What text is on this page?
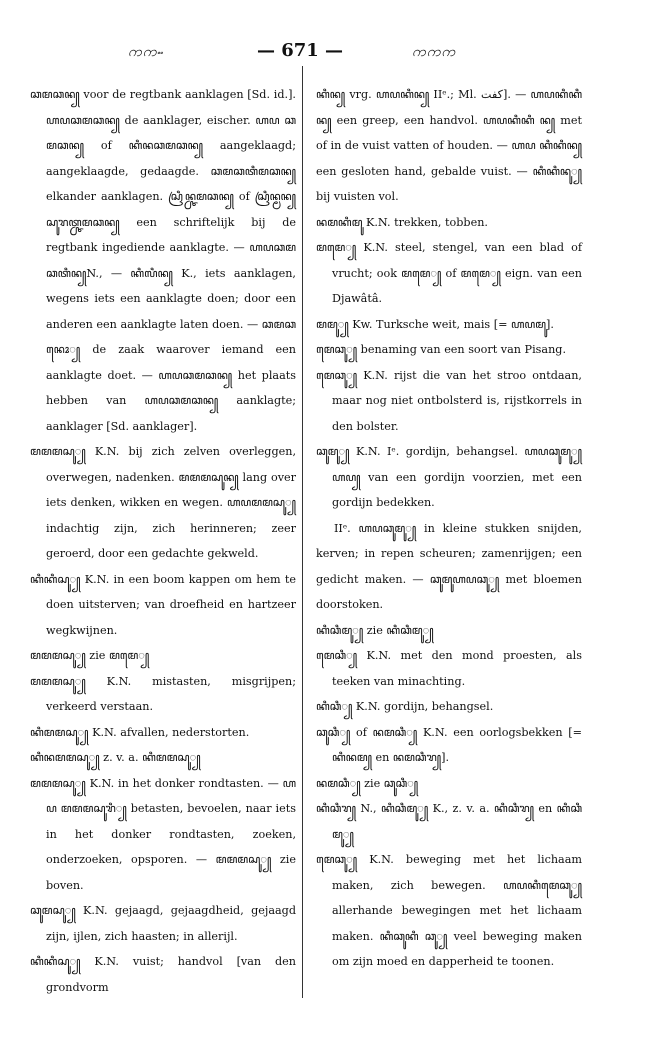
ကကႌ	— 671 —	ကကက

ꦕꦩꦕꦤ꧀ voor de regtbank aanklagen [Sd. id.]. ꦲꦥꦕꦩꦕꦤ꧀ de aanklager, eischer. ꦲꦥ ꦕꦩꦕꦤ꧀ of ꦏꦶꦤꦕꦩꦕꦤ꧀ aangeklaagd; aangeklaagde, gedaagde. ꦕꦩꦕꦠꦶꦩꦕꦤ꧀ elkander aanklagen. ꦱꦿꦶꦤ꧀ꦕꦩꦕꦤ꧀ of ꦱꦿꦶꦤ꧀ꦩꦤ꧀ ꦱꦸꦫꦠ꧀ꦕꦩꦕꦤ꧀ een schriftelijk bij de regtbank ingediende aanklagte. — ꦲꦥꦕꦩꦕꦠꦶꦤ꧀N., — ꦏꦶꦭꦶꦤ꧀ K., iets aanklagen, wegens iets een aanklagte doen; door een anderen een aanklagte laten doen. — ꦕꦩꦕꦤꦺꦴ꧀ de zaak waarover iemand een aanklagte doet. — ꦲꦥꦕꦩꦕꦤ꧀ het plaats hebben van ꦲꦥꦕꦩꦕꦤ꧀ aanklagte; aanklager [Sd. aanklager].

ꦩꦩꦩꦱꦸ꧀ K.N. bij zich zelven overleggen, overwegen, nadenken. ꦩꦩꦩꦱꦸꦤ꧀ lang over iets denken, wikken en wegen. ꦲꦥꦩꦩꦱꦸ꧀ indachtig zijn, zich herinneren; zeer geroerd, door een gedachte gekweld.

ꦏꦶꦏꦶꦱꦸ꧀ K.N. in een boom kappen om hem te doen uitsterven; van droefheid en hartzeer wegkwijnen.

ꦩꦩꦩꦱꦸ꧀ zie ꦩꦩꦺ꧀

ꦩꦩꦩꦱꦸ꧀ K.N. mistasten, misgrijpen; verkeerd verstaan.

ꦏꦶꦩꦩꦱꦸ꧀ K.N. afvallen, nederstorten.

ꦏꦶꦤꦩꦩꦱꦸ꧀ z. v. a. ꦏꦶꦩꦩꦱꦸ꧀

ꦩꦩꦩꦱꦸ꧀ K.N. in het donker rondtasten. — ꦲꦥ ꦩꦩꦩꦱꦸꦫꦶ꧀ betasten, bevoelen, naar iets in het donker rondtasten, zoeken, onderzoeken, opsporen. — ꦩꦩꦩꦱꦸ꧀ zie boven.

ꦕꦸꦩꦱꦸ꧀ K.N. gejaagd, gejaagdheid, gejaagd zijn, ijlen, zich haasten; in allerijl.

ꦏꦶꦏꦶꦱꦸ꧀ K.N. vuist; handvol [van den grondvorm

ꦏꦶꦤ꧀ vrg. ꦲꦥꦏꦶꦤ꧀ IIᵉ.; Ml. ﮐﻔﺖ]. — ꦲꦥꦏꦶꦏꦶꦤ꧀ een greep, een handvol. ꦲꦥꦏꦶꦏꦶ ꦤ꧀ met of in de vuist vatten of houden. — ꦲꦥ ꦏꦶꦏꦶꦤ꧀ een gesloten hand, gebalde vuist. — ꦏꦶꦏꦶꦤꦸ꧀ bij vuisten vol.

ꦤꦩꦏꦶꦩꦸ K.N. trekken, tobben.

ꦩꦩꦺ꧀ K.N. steel, stengel, van een blad of vrucht; ook ꦩꦩꦺ꧀ of ꦩꦩꦺ꧀ eign. van een Djawâtâ.

ꦩꦩꦸ꧀ Kw. Turksche weit, mais [= ꦲꦥꦩꦸ].

ꦩꦺꦕꦸ꧀ benaming van een soort van Pisang.

ꦩꦺꦕꦸ꧀ K.N. rijst die van het stroo ontdaan, maar nog niet ontbolsterd is, rijstkorrels in den bolster.

ꦕꦸꦩꦸ꧀ K.N. Iᵉ. gordijn, behangsel. ꦲꦥꦕꦸꦩꦸ꧀ ꦲꦥ꧀ van een gordijn voorzien, met een gordijn bedekken.

IIᵉ. ꦲꦥꦕꦸꦩꦸ꧀ in kleine stukken snijden, kerven; in repen scheuren; zamenrijgen; een gedicht maken. — ꦕꦸꦩꦸꦲꦥꦕꦸ꧀ met bloemen doorstoken.

ꦏꦶꦕꦶꦩꦸ꧀ zie ꦏꦶꦕꦶꦩꦸ꧀

ꦩꦺꦕꦶ꧀ K.N. met den mond proesten, als teeken van minachting.

ꦏꦶꦕꦶ꧀ K.N. gordijn, behangsel.

ꦕꦸꦕꦶ꧀ of ꦤꦩꦕꦶ꧀ K.N. een oorlogsbekken [= ꦏꦶꦤꦩ꧀ en ꦤꦩꦕꦶꦫ꧀].

ꦤꦩꦕꦶ꧀ zie ꦕꦸꦕꦶ꧀

ꦏꦶꦕꦶꦫ꧀ N., ꦏꦶꦕꦶꦩꦸ꧀ K., z. v. a. ꦏꦶꦕꦶꦫ꧀ en ꦏꦶꦕꦶꦩꦸ꧀

ꦩꦺꦕꦸ꧀ K.N. beweging met het lichaam maken, zich bewegen. ꦲꦥꦏꦶꦩꦺꦕꦸ꧀ allerhande bewegingen met het lichaam maken. ꦏꦶꦕꦸꦏꦶ ꦕꦸ꧀ veel beweging maken om zijn moed en dapperheid te toonen.
